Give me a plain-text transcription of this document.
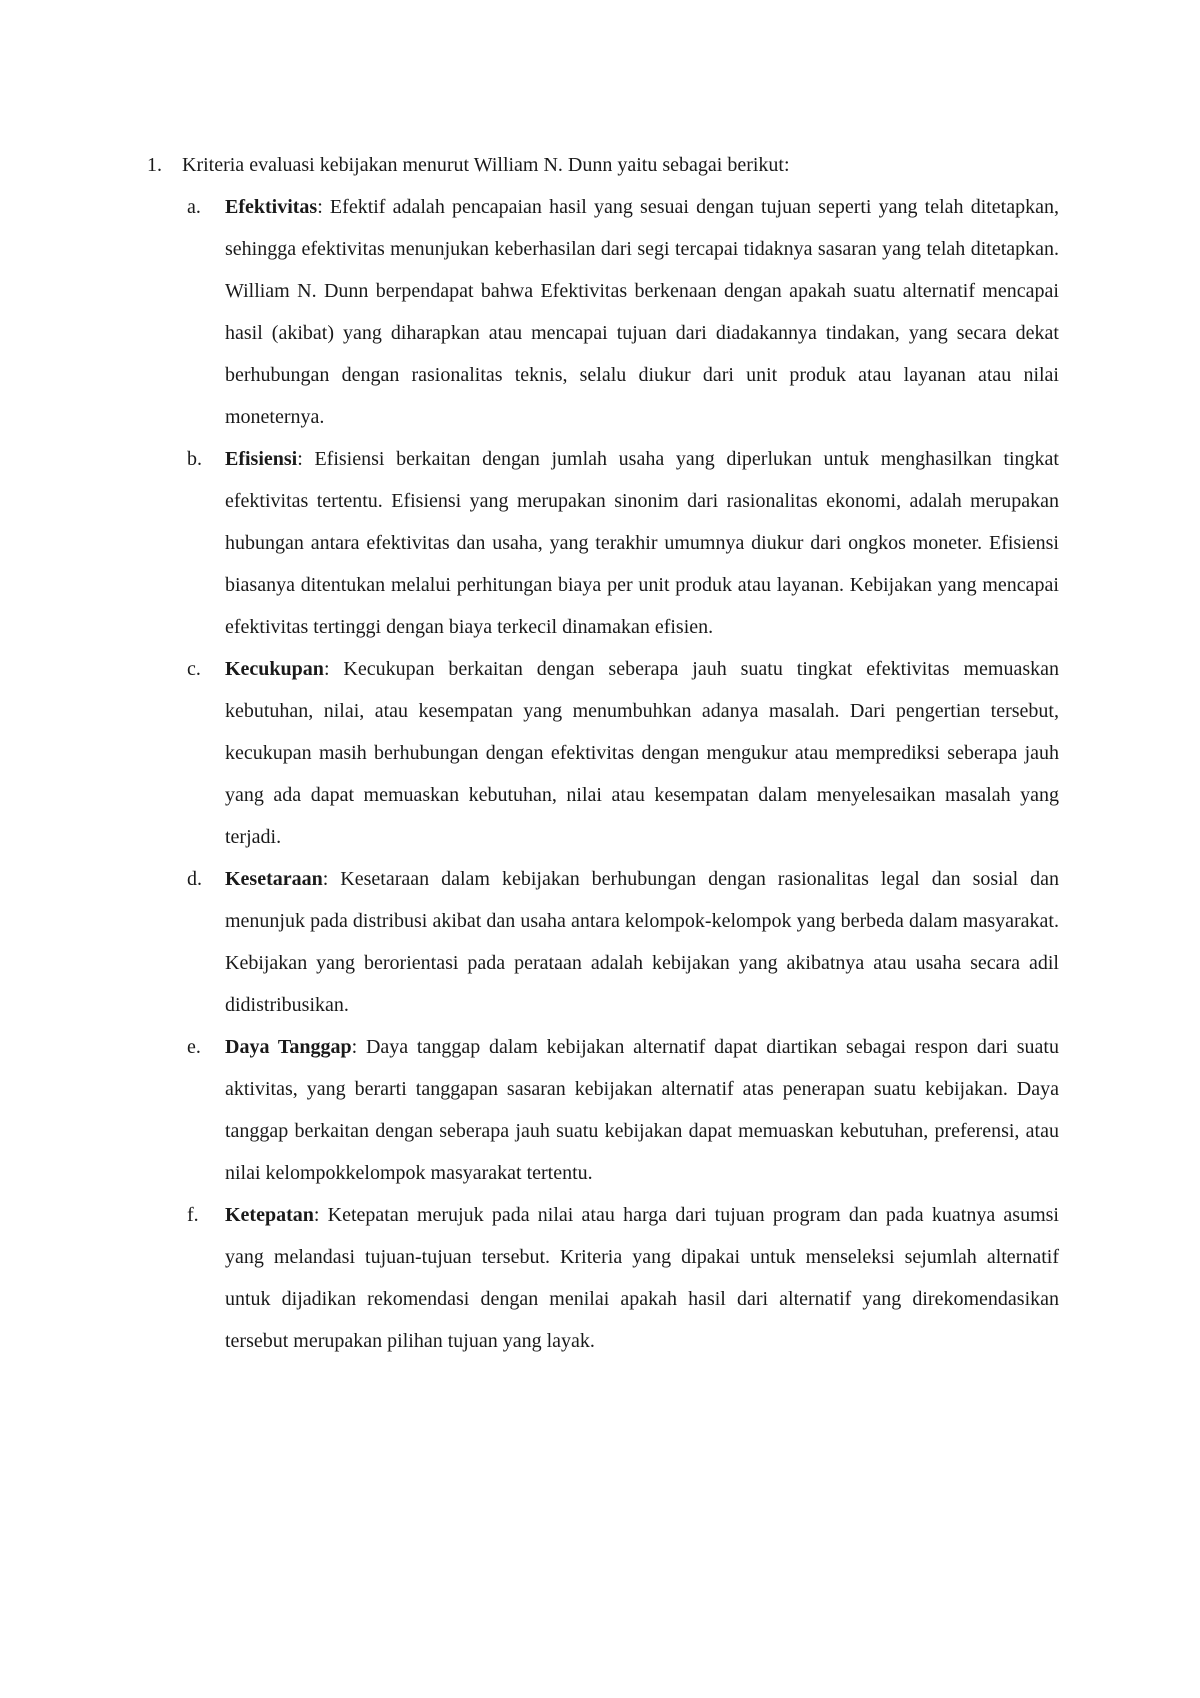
1.	Kriteria evaluasi kebijakan menurut William N. Dunn yaitu sebagai berikut:
a.	Efektivitas: Efektif adalah pencapaian hasil yang sesuai dengan tujuan seperti yang telah ditetapkan, sehingga efektivitas menunjukan keberhasilan dari segi tercapai tidaknya sasaran yang telah ditetapkan. William N. Dunn berpendapat bahwa Efektivitas berkenaan dengan apakah suatu alternatif mencapai hasil (akibat) yang diharapkan atau mencapai tujuan dari diadakannya tindakan, yang secara dekat berhubungan dengan rasionalitas teknis, selalu diukur dari unit produk atau layanan atau nilai moneternya.

b.	Efisiensi: Efisiensi berkaitan dengan jumlah usaha yang diperlukan untuk menghasilkan tingkat efektivitas tertentu. Efisiensi yang merupakan sinonim dari rasionalitas ekonomi, adalah merupakan hubungan antara efektivitas dan usaha, yang terakhir umumnya diukur dari ongkos moneter. Efisiensi biasanya ditentukan melalui perhitungan biaya per unit produk atau layanan. Kebijakan yang mencapai efektivitas tertinggi dengan biaya terkecil dinamakan efisien.

c.	Kecukupan: Kecukupan berkaitan dengan seberapa jauh suatu tingkat efektivitas memuaskan kebutuhan, nilai, atau kesempatan yang menumbuhkan adanya masalah. Dari pengertian tersebut, kecukupan masih berhubungan dengan efektivitas dengan mengukur atau memprediksi seberapa jauh yang ada dapat memuaskan kebutuhan, nilai atau kesempatan dalam menyelesaikan masalah yang terjadi.

d.	Kesetaraan: Kesetaraan dalam kebijakan berhubungan dengan rasionalitas legal dan sosial dan menunjuk pada distribusi akibat dan usaha antara kelompok-kelompok yang berbeda dalam masyarakat. Kebijakan yang berorientasi pada perataan adalah kebijakan yang akibatnya atau usaha secara adil didistribusikan.

e.	Daya Tanggap: Daya tanggap dalam kebijakan alternatif dapat diartikan sebagai respon dari suatu aktivitas, yang berarti tanggapan sasaran kebijakan alternatif atas penerapan suatu kebijakan. Daya tanggap berkaitan dengan seberapa jauh suatu kebijakan dapat memuaskan kebutuhan, preferensi, atau nilai kelompokkelompok masyarakat tertentu.

f.	Ketepatan: Ketepatan merujuk pada nilai atau harga dari tujuan program dan pada kuatnya asumsi yang melandasi tujuan-tujuan tersebut. Kriteria yang dipakai untuk menseleksi sejumlah alternatif untuk dijadikan rekomendasi dengan menilai apakah hasil dari alternatif yang direkomendasikan tersebut merupakan pilihan tujuan yang layak.
